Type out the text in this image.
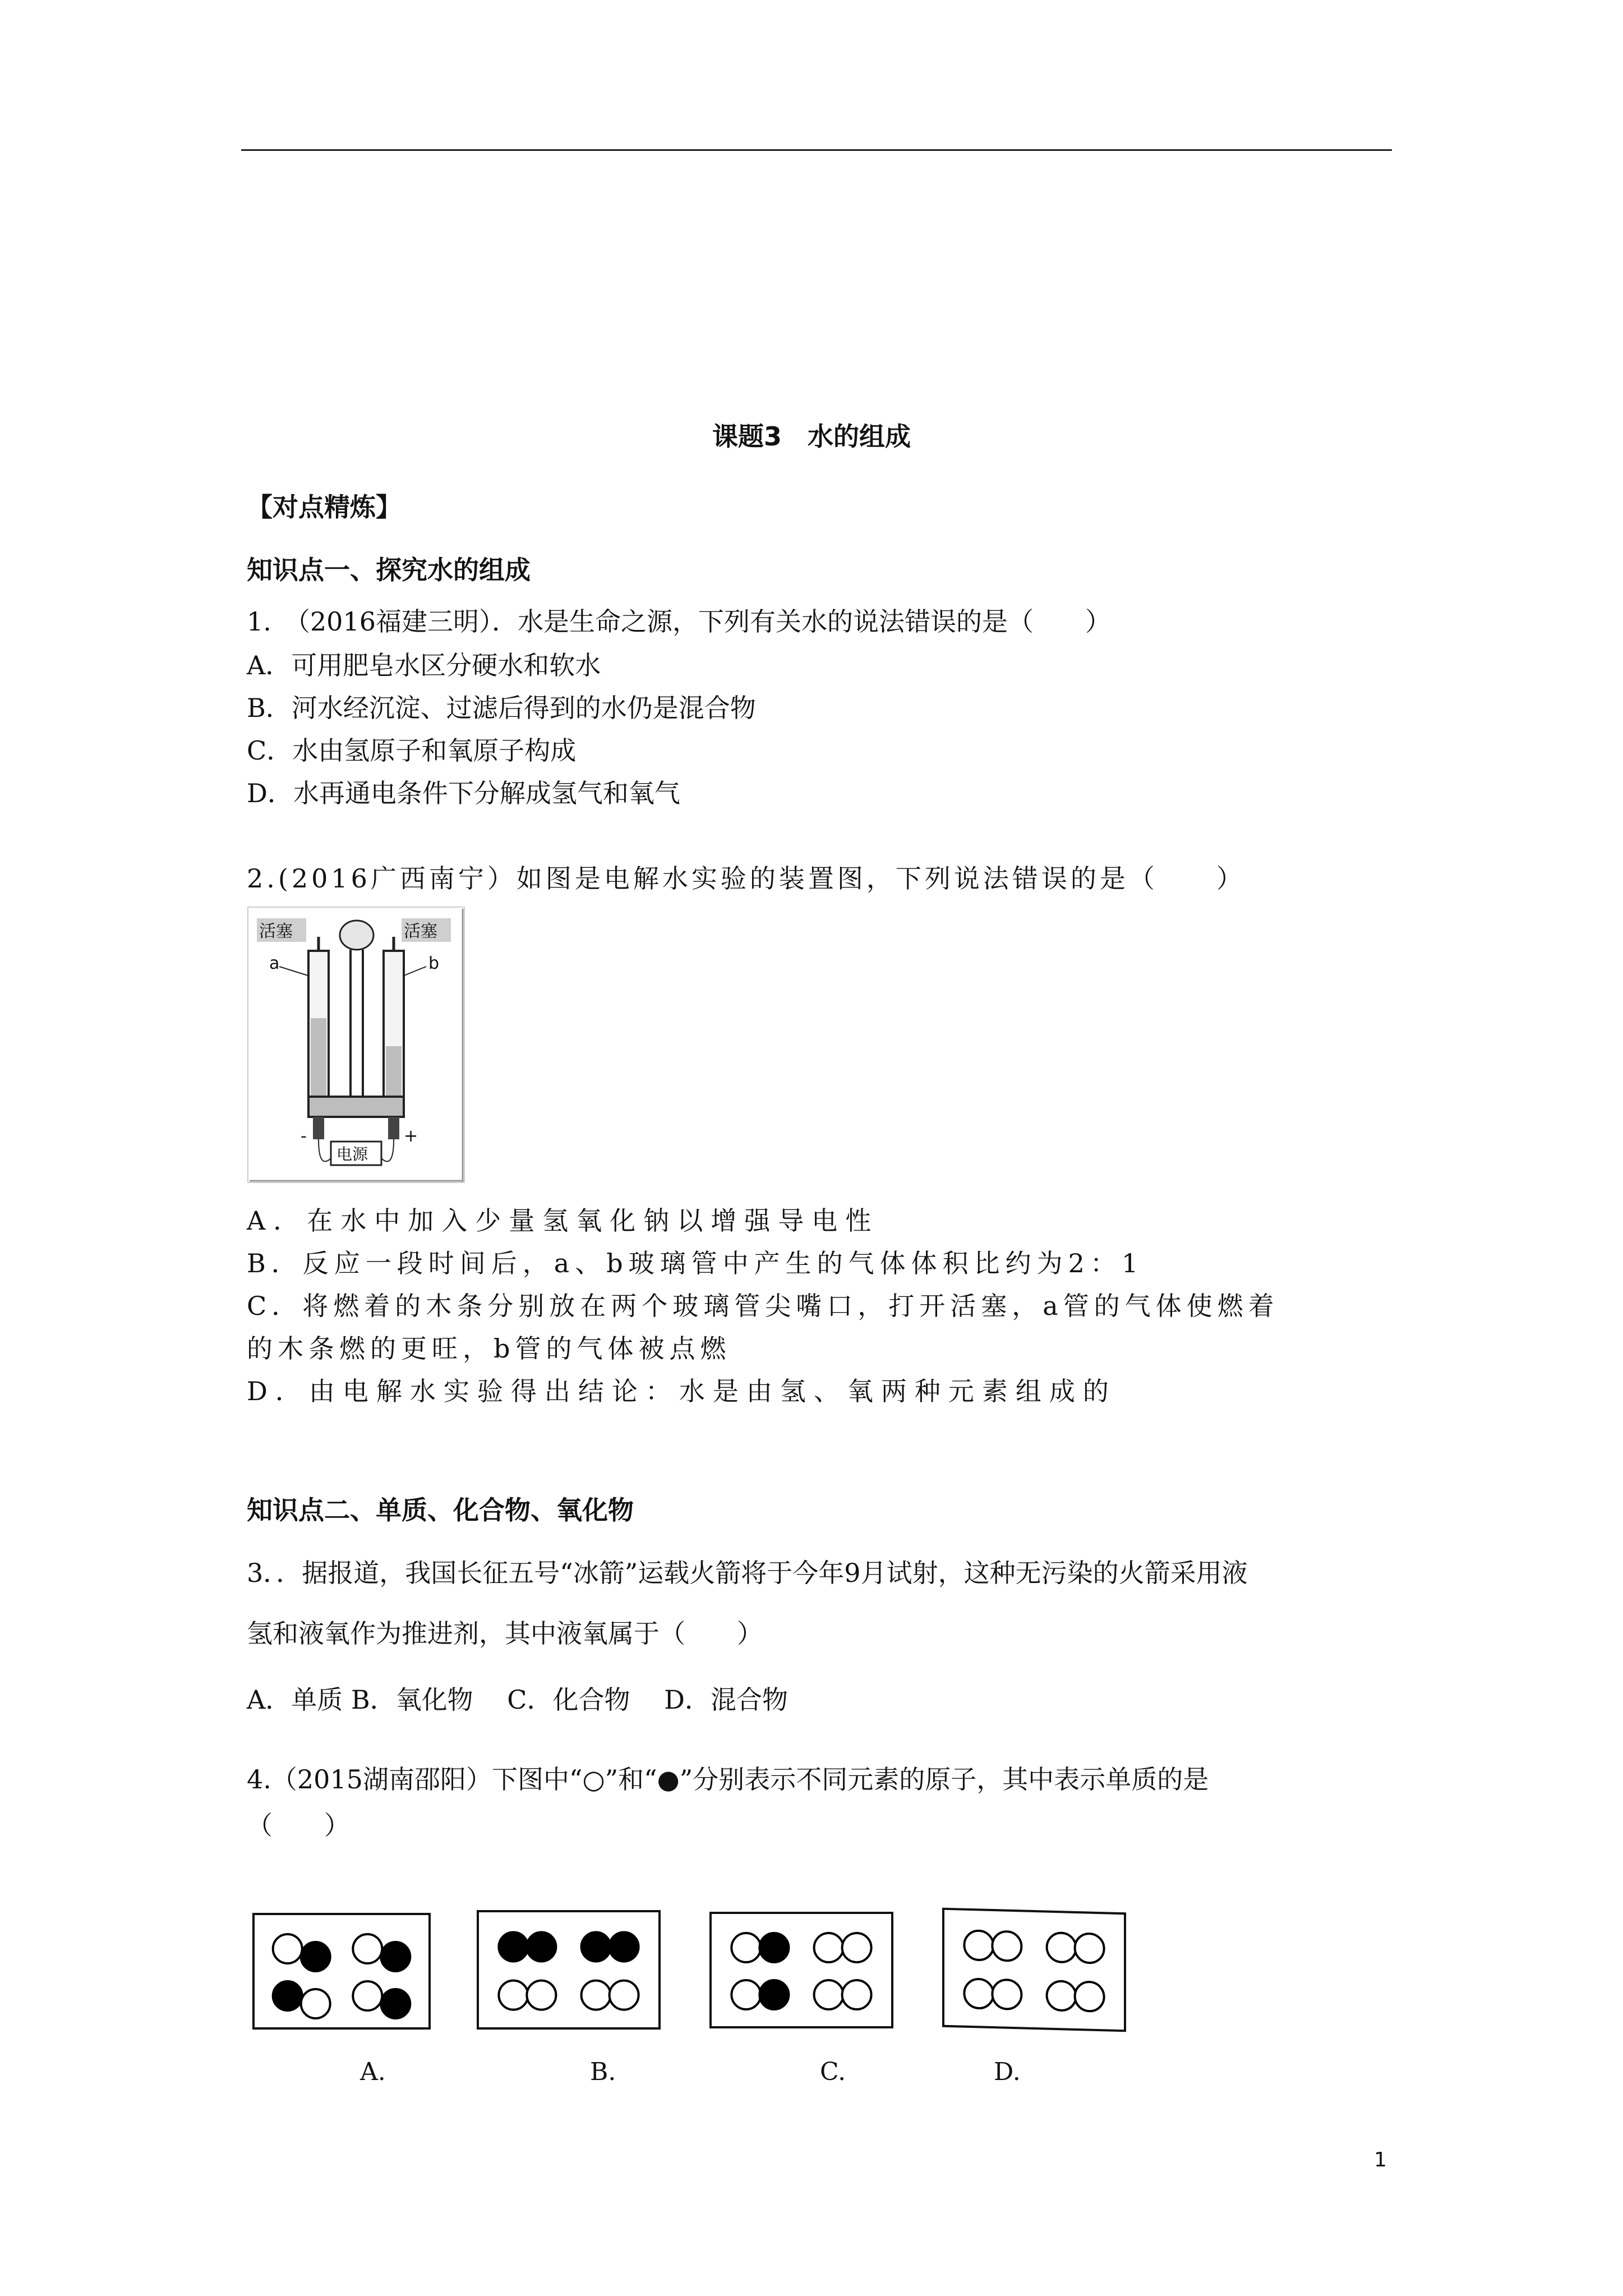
课题3　水的组成
【对点精炼】
知识点一、探究水的组成
1.　（2016福建三明）．水是生命之源，下列有关水的说法错误的是（　　）
A．可用肥皂水区分硬水和软水
B．河水经沉淀、过滤后得到的水仍是混合物
C．水由氢原子和氧原子构成
D．水再通电条件下分解成氢气和氧气
2.(2016广西南宁）如图是电解水实验的装置图，下列说法错误的是（　　）
活塞	活塞
a	b
电源
-	+
A．在水中加入少量氢氧化钠以增强导电性
B．反应一段时间后，a、b玻璃管中产生的气体体积比约为2：1
C．将燃着的木条分别放在两个玻璃管尖嘴口，打开活塞，a管的气体使燃着
的木条燃的更旺，b管的气体被点燃
D．由电解水实验得出结论：水是由氢、氧两种元素组成的
知识点二、单质、化合物、氧化物
3．．据报道，我国长征五号“冰箭”运载火箭将于今年9月试射，这种无污染的火箭采用液
氢和液氧作为推进剂，其中液氧属于（　　）
A．单质 B．氧化物　 C．化合物　 D．混合物
4.（2015湖南邵阳）下图中“○”和“●”分别表示不同元素的原子，其中表示单质的是
（　　）
A.	B.	C.	D.
1
